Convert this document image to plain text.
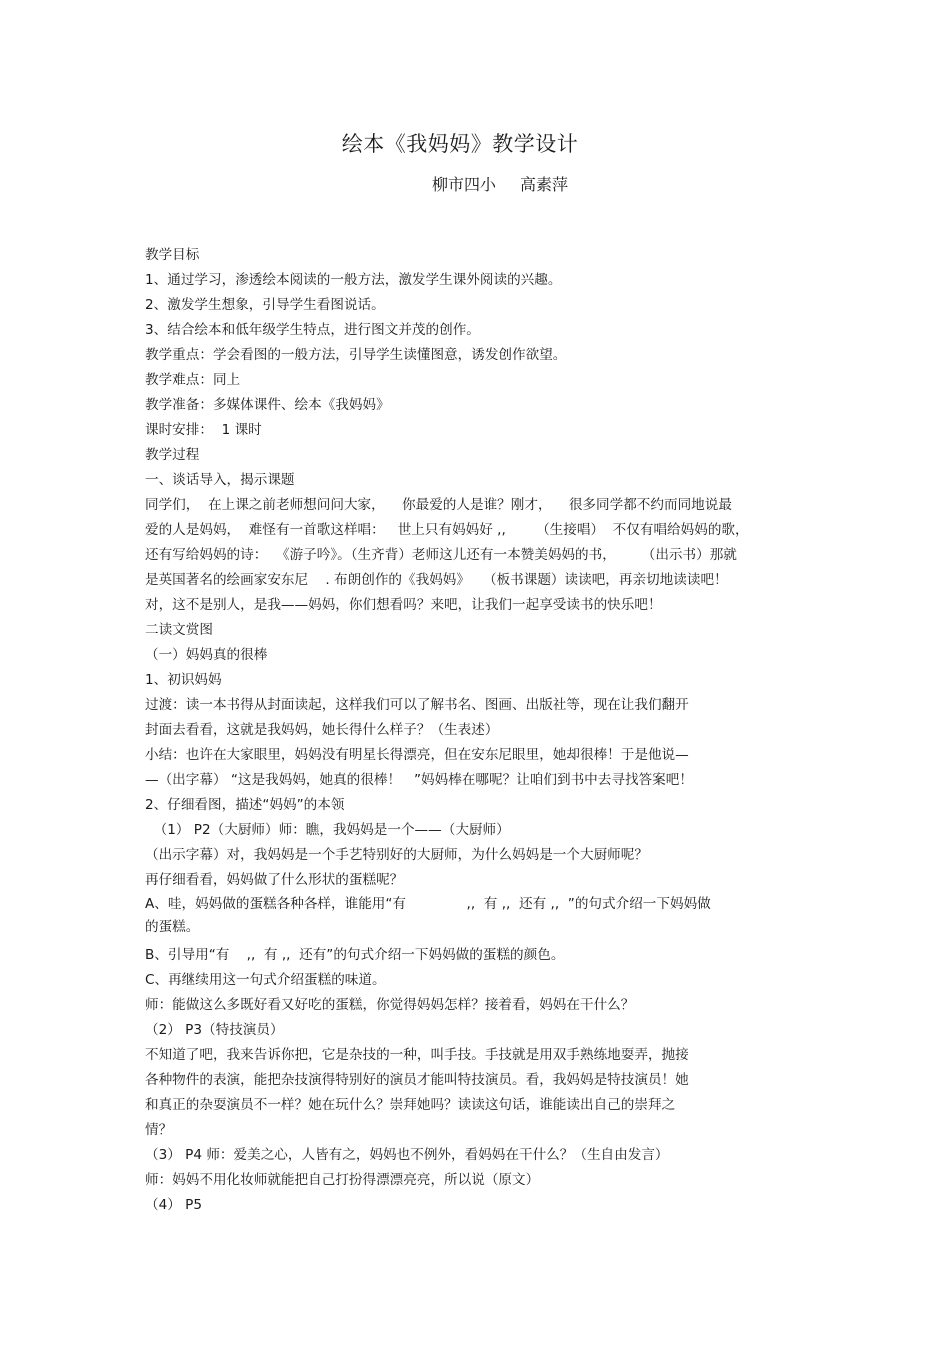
绘本《我妈妈》教学设计
柳市四小 高素萍
教学目标
1、通过学习，渗透绘本阅读的一般方法，激发学生课外阅读的兴趣。
2、激发学生想象，引导学生看图说话。
3、结合绘本和低年级学生特点，进行图文并茂的创作。
教学重点：学会看图的一般方法，引导学生读懂图意，诱发创作欲望。
教学难点：同上
教学准备：多媒体课件、绘本《我妈妈》
课时安排：  1 课时
教学过程
一、谈话导入，揭示课题
同学们，  在上课之前老师想问问大家，    你最爱的人是谁？刚才，    很多同学都不约而同地说最
爱的人是妈妈，  难怪有一首歌这样唱：   世上只有妈妈好 ,,       （生接唱）  不仅有唱给妈妈的歌，
还有写给妈妈的诗：  《游子吟》。（生齐背）老师这儿还有一本赞美妈妈的书，      （出示书）那就
是英国著名的绘画家安东尼    . 布朗创作的《我妈妈》   （板书课题）读读吧，再亲切地读读吧！
对，这不是别人，是我——妈妈，你们想看吗？来吧，让我们一起享受读书的快乐吧！
二读文赏图
（一）妈妈真的很棒
1、初识妈妈
过渡：读一本书得从封面读起，这样我们可以了解书名、图画、出版社等，现在让我们翻开
封面去看看，这就是我妈妈，她长得什么样子？（生表述）
小结：也许在大家眼里，妈妈没有明星长得漂亮，但在安东尼眼里，她却很棒！于是他说—
—（出字幕） “这是我妈妈，她真的很棒！   ”妈妈棒在哪呢？让咱们到书中去寻找答案吧！
2、仔细看图，描述“妈妈”的本领
（1） P2（大厨师）师：瞧，我妈妈是一个——（大厨师）
（出示字幕）对，我妈妈是一个手艺特别好的大厨师，为什么妈妈是一个大厨师呢？
再仔细看看，妈妈做了什么形状的蛋糕呢？
A、哇，妈妈做的蛋糕各种各样，谁能用“有              ,,  有 ,,  还有 ,,  ”的句式介绍一下妈妈做
的蛋糕。
B、引导用“有    ,,  有 ,,  还有”的句式介绍一下妈妈做的蛋糕的颜色。
C、再继续用这一句式介绍蛋糕的味道。
师：能做这么多既好看又好吃的蛋糕，你觉得妈妈怎样？接着看，妈妈在干什么？
（2） P3（特技演员）
不知道了吧，我来告诉你把，它是杂技的一种，叫手技。手技就是用双手熟练地耍弄，抛接
各种物件的表演，能把杂技演得特别好的演员才能叫特技演员。看，我妈妈是特技演员！她
和真正的杂耍演员不一样？她在玩什么？崇拜她吗？读读这句话，谁能读出自己的崇拜之
情？
（3） P4 师：爱美之心，人皆有之，妈妈也不例外，看妈妈在干什么？（生自由发言）
师：妈妈不用化妆师就能把自己打扮得漂漂亮亮，所以说（原文）
（4） P5
